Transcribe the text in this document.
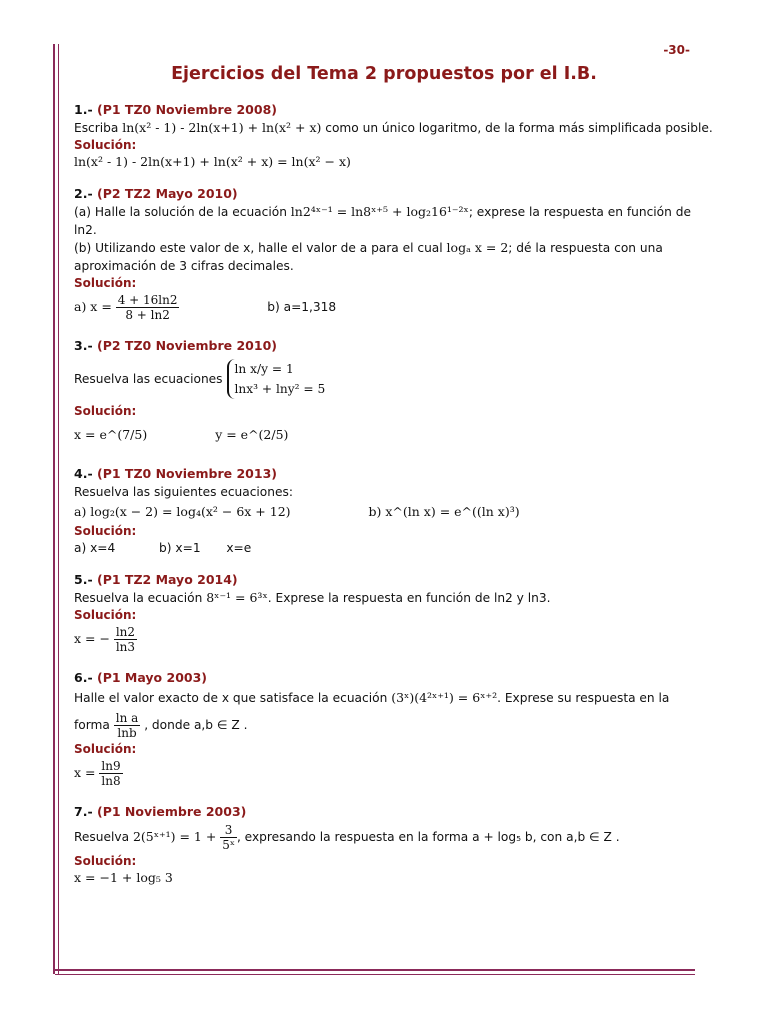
-30-
Ejercicios del Tema 2 propuestos por el I.B.
1.- (P1 TZ0 Noviembre 2008)
Escriba ln(x² - 1) - 2ln(x+1) + ln(x² + x) como un único logaritmo, de la forma más simplificada posible.
Solución:
ln(x² - 1) - 2ln(x+1) + ln(x² + x) = ln(x² − x)
2.- (P2 TZ2 Mayo 2010)
(a) Halle la solución de la ecuación ln2⁴ˣ⁻¹ = ln8ˣ⁺⁵ + log₂16¹⁻²ˣ; exprese la respuesta en función de
ln2.
(b) Utilizando este valor de x, halle el valor de a para el cual logₐ x = 2; dé la respuesta con una
aproximación de 3 cifras decimales.
Solución:
a) $x = \frac{4 + 16\ln 2}{8 + \ln 2}$	b) a=1,318
3.- (P2 TZ0 Noviembre 2010)
Resuelva las ecuaciones
ln x/y = 1
lnx³ + lny² = 5
Solución:
x = e^(7/5)	y = e^(2/5)
4.- (P1 TZ0 Noviembre 2013)
Resuelva las siguientes ecuaciones:
a) log₂(x − 2) = log₄(x² − 6x + 12)	b) x^(ln x) = e^((ln x)³)
Solución:
a) x=4	b) x=1 x=e
5.- (P1 TZ2 Mayo 2014)
Resuelva la ecuación 8ˣ⁻¹ = 6³ˣ. Exprese la respuesta en función de ln2 y ln3.
Solución:
x = − $\frac{\ln 2}{\ln 3}$
6.- (P1 Mayo 2003)
Halle el valor exacto de x que satisface la ecuación (3ˣ)(4²ˣ⁺¹) = 6ˣ⁺². Exprese su respuesta en la
forma $\frac{\text{ln a}}{\ln b}$ , donde a,b ∈ Z .
Solución:
$x = \frac{\ln 9}{\ln 8}$
7.- (P1 Noviembre 2003)
Resuelva 2(5ˣ⁺¹) = $1 + \frac{3}{\text{5ˣ}}$ , expresando la respuesta en la forma a + log₅ b, con a,b ∈ Z .
Solución:
x = −1 + log₅ 3
